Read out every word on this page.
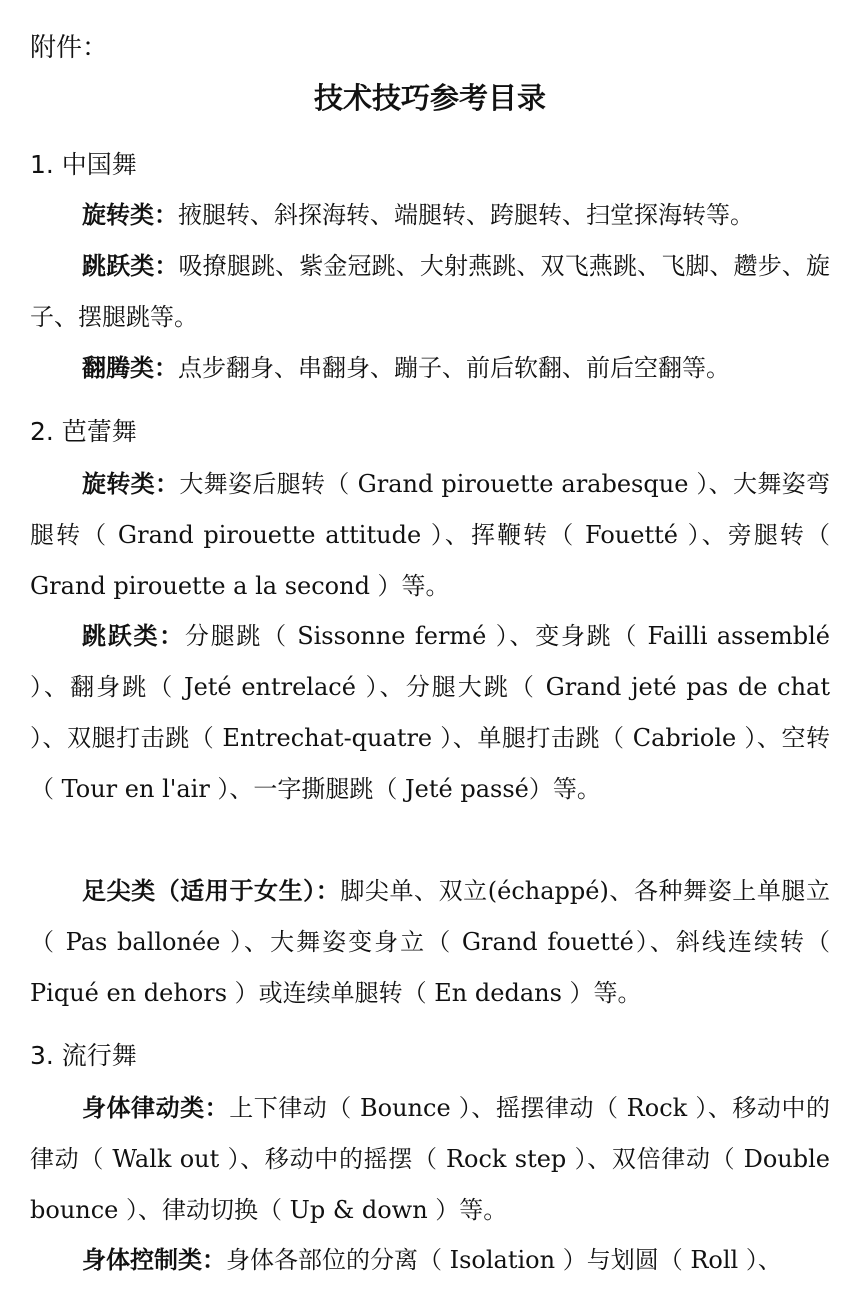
附件：
技术技巧参考目录
1. 中国舞

旋转类：掖腿转、斜探海转、端腿转、跨腿转、扫堂探海转等。

跳跃类：吸撩腿跳、紫金冠跳、大射燕跳、双飞燕跳、飞脚、趱步、旋子、摆腿跳等。

翻腾类：点步翻身、串翻身、蹦子、前后软翻、前后空翻等。

2. 芭蕾舞

旋转类：大舞姿后腿转（ Grand pirouette arabesque ）、大舞姿弯腿转（ Grand pirouette attitude ）、挥鞭转（ Fouetté ）、旁腿转（ Grand pirouette a la second ）等。

跳跃类：分腿跳（ Sissonne fermé ）、变身跳（ Failli assemblé ）、翻身跳（ Jeté entrelacé ）、分腿大跳（ Grand jeté pas de chat ）、双腿打击跳（ Entrechat-quatre ）、单腿打击跳（ Cabriole ）、空转（ Tour en l'air ）、一字撕腿跳（ Jeté passé）等。

足尖类（适用于女生）：脚尖单、双立(échappé)、各种舞姿上单腿立（ Pas ballonée ）、大舞姿变身立（ Grand fouetté）、斜线连续转（ Piqué en dehors ）或连续单腿转（ En dedans ）等。

3. 流行舞

身体律动类：上下律动（ Bounce ）、摇摆律动（ Rock ）、移动中的律动（ Walk out ）、移动中的摇摆（ Rock step ）、双倍律动（ Double bounce ）、律动切换（ Up & down ）等。

身体控制类：身体各部位的分离（ Isolation ）与划圆（ Roll ）、
